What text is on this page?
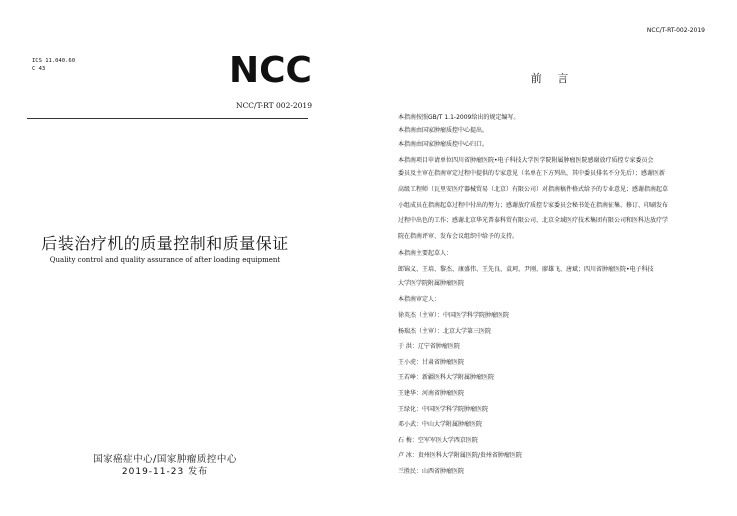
ICS 11.040.60
C 43	NCC
NCC/T-RT 002-2019
后装治疗机的质量控制和质量保证
Quality control and quality assurance of after loading equipment
国家癌症中心/国家肿瘤质控中心
2019-11-23 发布
NCC/T-RT-002-2019
前 言
本指南按照GB/T 1.1-2009给出的规定编写。
本指南由国家肿瘤质控中心提出。
本指南由国家肿瘤质控中心归口。
本指南项目申请单位四川省肿瘤医院•电子科技大学医学院附属肿瘤医院感谢放疗质控专家委员会
委员及主审在指南审定过程中提供的专家意见（名单在下方列出，其中委员排名不分先后）；感谢医新
高级工程师（瓦里安医疗器械贸易（北京）有限公司）对指南稿件格式给予的专业意见；感谢指南起草
小组成员在指南起草过程中付出的努力；感谢放疗质控专家委员会秘书处在指南征集、修订、印刷发布
过程中出色的工作；感谢北京华光普泰科贸有限公司、北京全域医疗技术集团有限公司和医科达放疗学
院在指南评审、发布会议组织中给予的支持。
本指南主要起草人：
郎锦义、王培、黎杰、康盛伟、王先良、袁珂、尹刚、廖雄飞、唐斌；四川省肿瘤医院•电子科技
大学医学院附属肿瘤医院
本指南审定人：
徐英杰（主审）：中国医学科学院肿瘤医院
杨瑞杰（主审）：北京大学第三医院
于 洪：辽宁省肿瘤医院
王小虎：甘肃省肿瘤医院
王若峥：新疆医科大学附属肿瘤医院
王建华：河南省肿瘤医院
王绿化：中国医学科学院肿瘤医院
邓小武：中山大学附属肿瘤医院
石 梅：空军军医大学西京医院
卢 冰：贵州医科大学附属医院/贵州省肿瘤医院
兰胜民：山西省肿瘤医院
